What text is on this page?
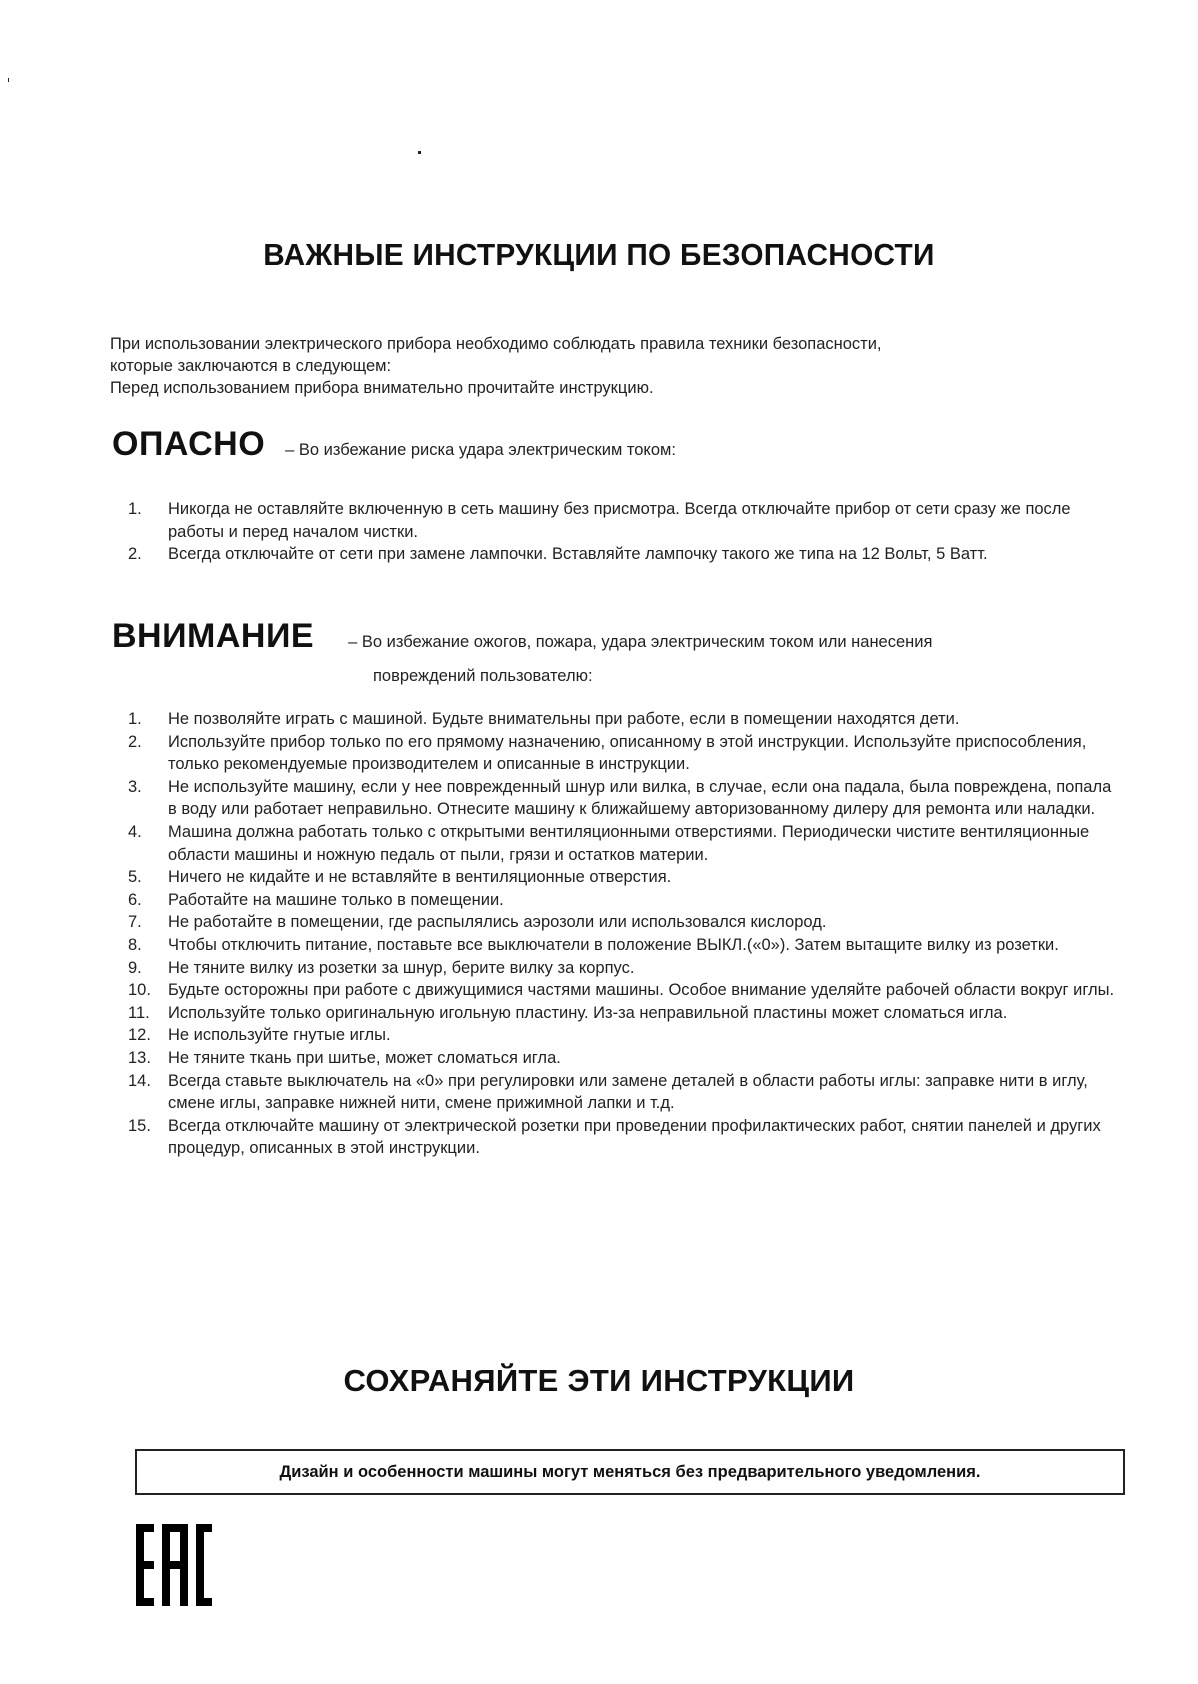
ВАЖНЫЕ ИНСТРУКЦИИ ПО БЕЗОПАСНОСТИ

При использовании электрического прибора необходимо соблюдать правила техники безопасности,

которые заключаются в следующем:

Перед использованием прибора внимательно прочитайте инструкцию.

ОПАСНО – Во избежание риска удара электрическим током:
1.	Никогда не оставляйте включенную в сеть машину без присмотра. Всегда отключайте прибор от сети сразу же после работы и перед началом чистки.
2.	Всегда отключайте от сети при замене лампочки. Вставляйте лампочку такого же типа на 12 Вольт, 5 Ватт.
ВНИМАНИЕ – Во избежание ожогов, пожара, удара электрическим током или нанесения
повреждений пользователю:
1.	Не позволяйте играть с машиной. Будьте внимательны при работе, если в помещении находятся дети.
2.	Используйте прибор только по его прямому назначению, описанному в этой инструкции. Используйте приспособления, только рекомендуемые производителем и описанные в инструкции.
3.	Не используйте машину, если у нее поврежденный шнур или вилка, в случае, если она падала, была повреждена, попала в воду или работает неправильно. Отнесите машину к ближайшему авторизованному дилеру для ремонта или наладки.
4.	Машина должна работать только с открытыми вентиляционными отверстиями. Периодически чистите вентиляционные области машины и ножную педаль от пыли, грязи и остатков материи.
5.	Ничего не кидайте и не вставляйте в вентиляционные отверстия.
6.	Работайте на машине только в помещении.
7.	Не работайте в помещении, где распылялись аэрозоли или использовался кислород.
8.	Чтобы отключить питание, поставьте все выключатели в положение ВЫКЛ.(«0»). Затем вытащите вилку из розетки.
9.	Не тяните вилку из розетки за шнур, берите вилку за корпус.
10.	Будьте осторожны при работе с движущимися частями машины. Особое внимание уделяйте рабочей области вокруг иглы.
11.	Используйте только оригинальную игольную пластину. Из-за неправильной пластины может сломаться игла.
12.	Не используйте гнутые иглы.
13.	Не тяните ткань при шитье, может сломаться игла.
14.	Всегда ставьте выключатель на «0» при регулировки или замене деталей в области работы иглы: заправке нити в иглу, смене иглы, заправке нижней нити, смене прижимной лапки и т.д.
15.	Всегда отключайте машину от электрической розетки при проведении профилактических работ, снятии панелей и других процедур, описанных в этой инструкции.
СОХРАНЯЙТЕ ЭТИ ИНСТРУКЦИИ
Дизайн и особенности машины могут меняться без предварительного уведомления.
